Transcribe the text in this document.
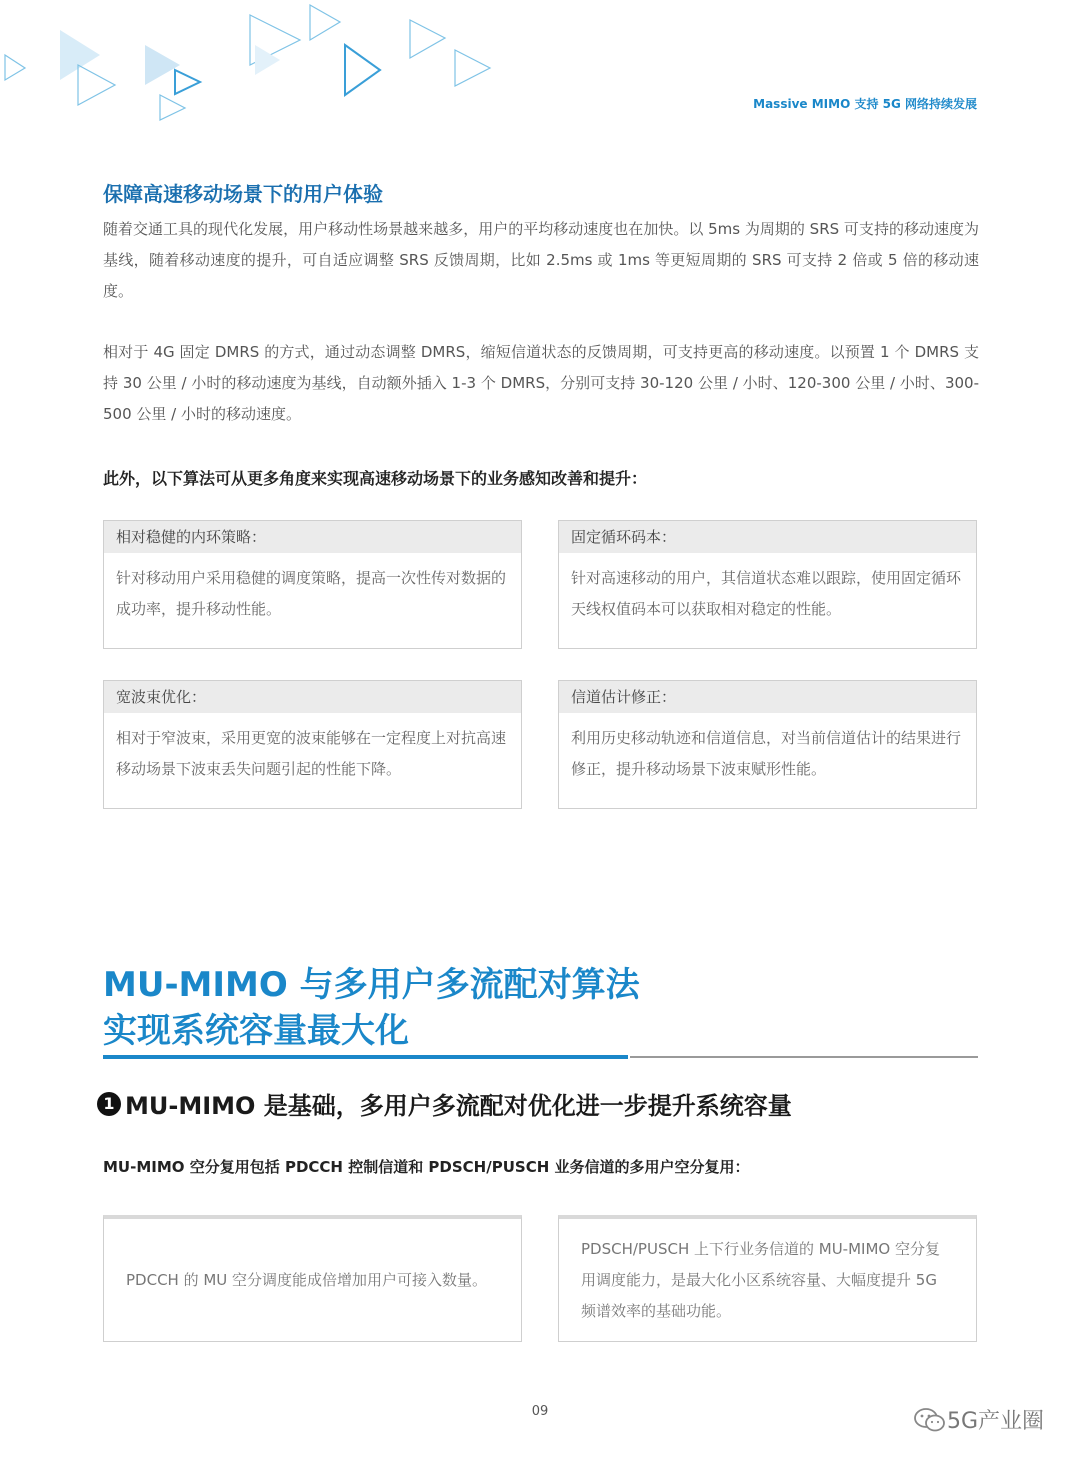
Massive MIMO 支持 5G 网络持续发展
保障高速移动场景下的用户体验
随着交通工具的现代化发展，用户移动性场景越来越多，用户的平均移动速度也在加快。以 5ms 为周期的 SRS 可支持的移动速度为基线，随着移动速度的提升，可自适应调整 SRS 反馈周期，比如 2.5ms 或 1ms 等更短周期的 SRS 可支持 2 倍或 5 倍的移动速度。
相对于 4G 固定 DMRS 的方式，通过动态调整 DMRS，缩短信道状态的反馈周期，可支持更高的移动速度。以预置 1 个 DMRS 支持 30 公里 / 小时的移动速度为基线，自动额外插入 1-3 个 DMRS，分别可支持 30-120 公里 / 小时、120-300 公里 / 小时、300-500 公里 / 小时的移动速度。
此外，以下算法可从更多角度来实现高速移动场景下的业务感知改善和提升：
相对稳健的内环策略：
针对移动用户采用稳健的调度策略，提高一次性传对数据的成功率，提升移动性能。
固定循环码本：
针对高速移动的用户，其信道状态难以跟踪，使用固定循环天线权值码本可以获取相对稳定的性能。
宽波束优化：
相对于窄波束，采用更宽的波束能够在一定程度上对抗高速移动场景下波束丢失问题引起的性能下降。
信道估计修正：
利用历史移动轨迹和信道信息，对当前信道估计的结果进行修正，提升移动场景下波束赋形性能。
MU-MIMO 与多用户多流配对算法
实现系统容量最大化
1 MU-MIMO 是基础，多用户多流配对优化进一步提升系统容量
MU-MIMO 空分复用包括 PDCCH 控制信道和 PDSCH/PUSCH 业务信道的多用户空分复用：
PDCCH 的 MU 空分调度能成倍增加用户可接入数量。
PDSCH/PUSCH 上下行业务信道的 MU-MIMO 空分复用调度能力，是最大化小区系统容量、大幅度提升 5G 频谱效率的基础功能。
09	5G产业圈
